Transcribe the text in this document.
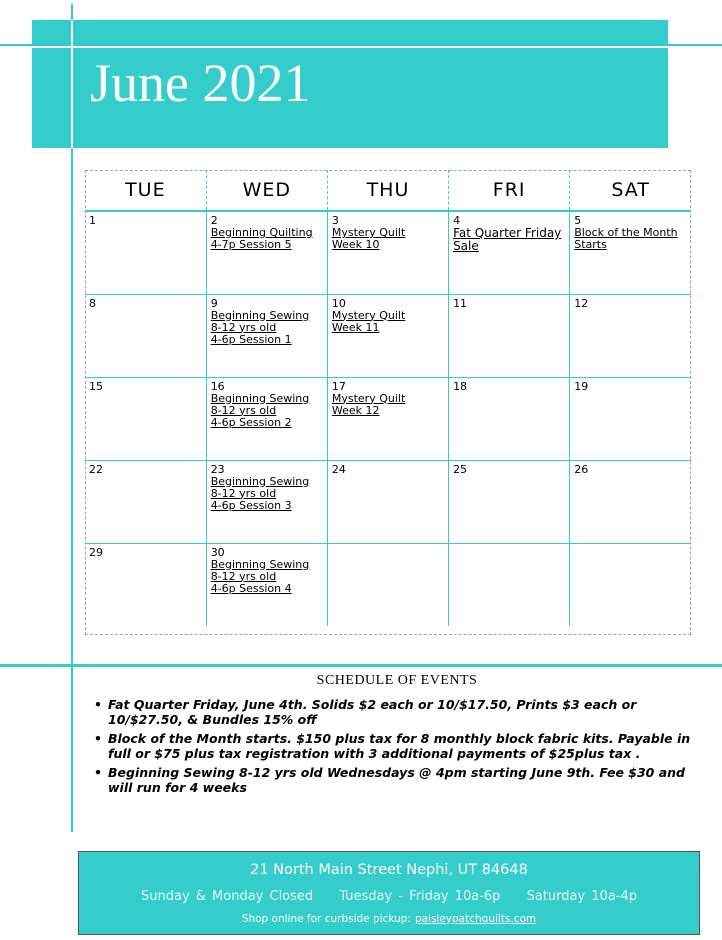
June 2021
TUE	WED	THU	FRI	SAT

1	2
Beginning Quilting
4-7p Session 5	3
Mystery Quilt
Week 10	4
Fat Quarter Friday
Sale	5
Block of the Month
Starts

8	9
Beginning Sewing
8-12 yrs old
4-6p Session 1	10
Mystery Quilt
Week 11	11	12

15	16
Beginning Sewing
8-12 yrs old
4-6p Session 2	17
Mystery Quilt
Week 12	18	19

22	23
Beginning Sewing
8-12 yrs old
4-6p Session 3	24	25	26

29	30
Beginning Sewing
8-12 yrs old
4-6p Session 4			

SCHEDULE OF EVENTS
• Fat Quarter Friday, June 4th. Solids $2 each or 10/$17.50, Prints $3 each or 10/$27.50, & Bundles 15% off
• Block of the Month starts. $150 plus tax for 8 monthly block fabric kits. Payable in full or $75 plus tax registration with 3 additional payments of $25plus tax .
• Beginning Sewing 8-12 yrs old Wednesdays @ 4pm starting June 9th. Fee $30 and will run for 4 weeks
21 North Main Street Nephi, UT 84648
Sunday & Monday Closed Tuesday - Friday 10a-6p Saturday 10a-4p
Shop online for curbside pickup: paisleypatchquilts.com
